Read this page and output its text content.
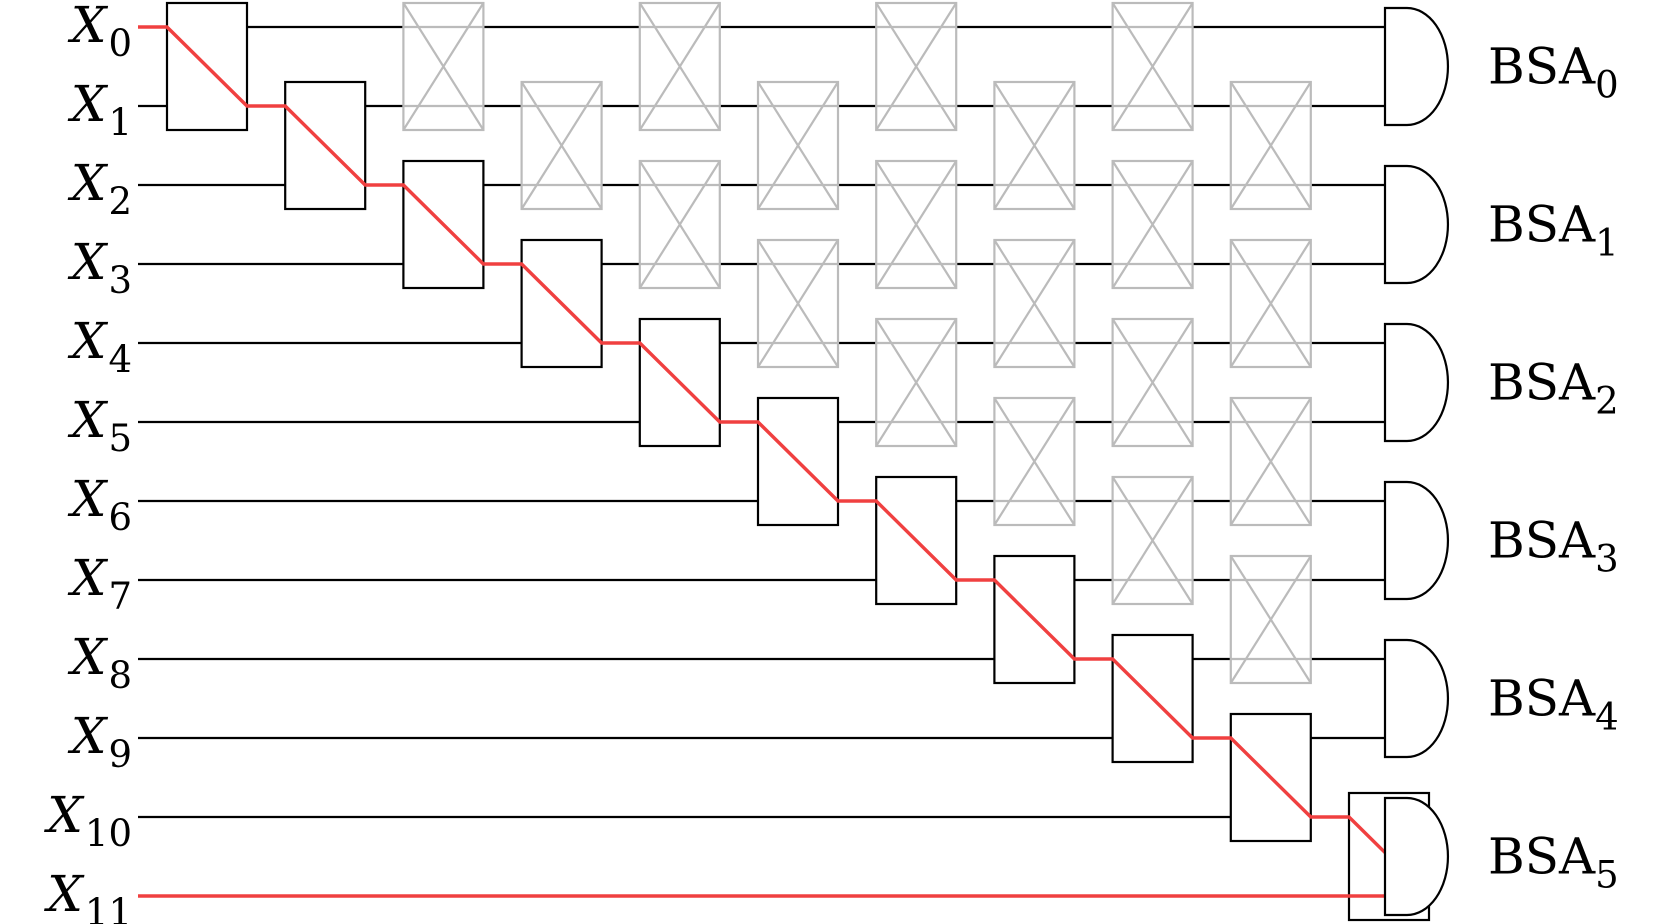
$X_0$
$X_1$
$X_2$
$X_3$
$X_4$
$X_5$
$X_6$
$X_7$
$X_8$
$X_9$
$X_{10}$
$X_{11}$
$BSA_0$
$BSA_1$
$BSA_2$
$BSA_3$
$BSA_4$
$BSA_5$
